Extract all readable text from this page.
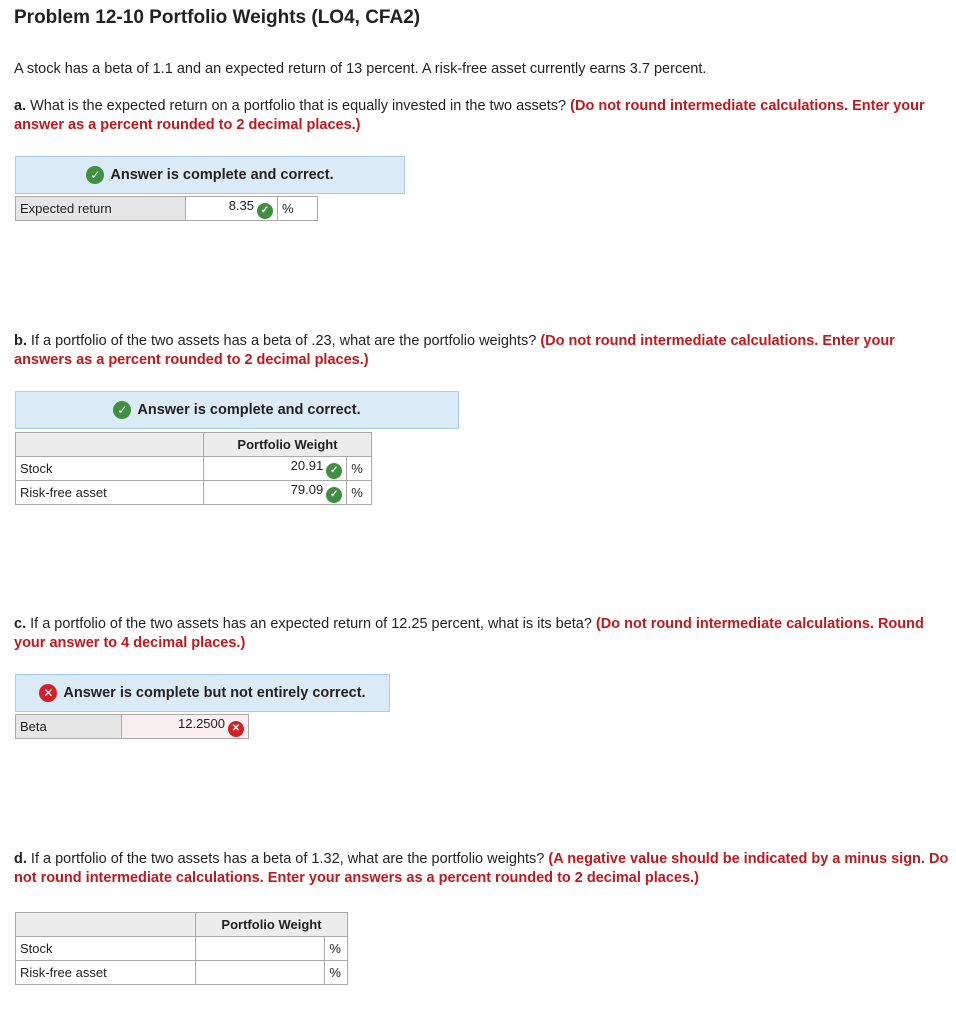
Problem 12-10 Portfolio Weights (LO4, CFA2)
A stock has a beta of 1.1 and an expected return of 13 percent. A risk-free asset currently earns 3.7 percent.
a. What is the expected return on a portfolio that is equally invested in the two assets? (Do not round intermediate calculations. Enter your answer as a percent rounded to 2 decimal places.)
✓ Answer is complete and correct.
Expected return	8.35 ✓	%
b. If a portfolio of the two assets has a beta of .23, what are the portfolio weights? (Do not round intermediate calculations. Enter your answers as a percent rounded to 2 decimal places.)
✓ Answer is complete and correct.
	Portfolio Weight	
Stock	20.91 ✓	%
Risk-free asset	79.09 ✓	%
c. If a portfolio of the two assets has an expected return of 12.25 percent, what is its beta? (Do not round intermediate calculations. Round your answer to 4 decimal places.)
✕ Answer is complete but not entirely correct.
Beta	12.2500 ✕
d. If a portfolio of the two assets has a beta of 1.32, what are the portfolio weights? (A negative value should be indicated by a minus sign. Do not round intermediate calculations. Enter your answers as a percent rounded to 2 decimal places.)
	Portfolio Weight	
Stock		%
Risk-free asset		%
